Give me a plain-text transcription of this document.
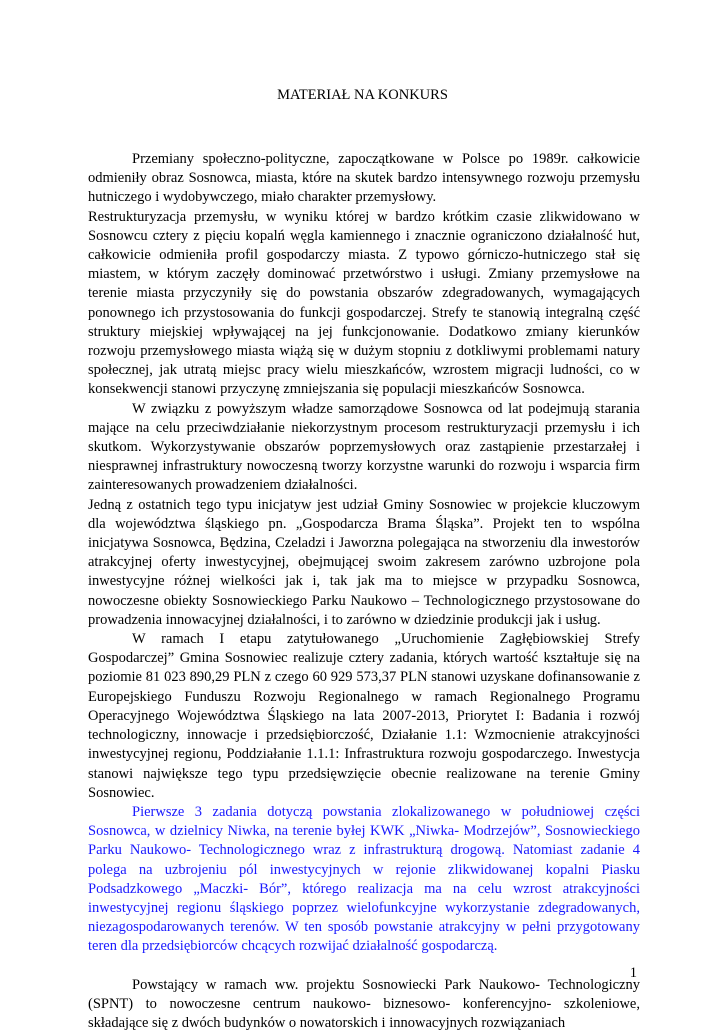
MATERIAŁ NA KONKURS

Przemiany społeczno-polityczne, zapoczątkowane w Polsce po 1989r. całkowicie odmieniły obraz Sosnowca, miasta, które na skutek bardzo intensywnego rozwoju przemysłu hutniczego i wydobywczego, miało charakter przemysłowy.

Restrukturyzacja przemysłu, w wyniku której w bardzo krótkim czasie zlikwidowano w Sosnowcu cztery z pięciu kopalń węgla kamiennego i znacznie ograniczono działalność hut, całkowicie odmieniła profil gospodarczy miasta. Z typowo górniczo-hutniczego stał się miastem, w którym zaczęły dominować przetwórstwo i usługi. Zmiany przemysłowe na terenie miasta przyczyniły się do powstania obszarów zdegradowanych, wymagających ponownego ich przystosowania do funkcji gospodarczej. Strefy te stanowią integralną część struktury miejskiej wpływającej na jej funkcjonowanie. Dodatkowo zmiany kierunków rozwoju przemysłowego miasta wiążą się w dużym stopniu z dotkliwymi problemami natury społecznej, jak utratą miejsc pracy wielu mieszkańców, wzrostem migracji ludności, co w konsekwencji stanowi przyczynę zmniejszania się populacji mieszkańców Sosnowca.

W związku z powyższym władze samorządowe Sosnowca od lat podejmują starania mające na celu przeciwdziałanie niekorzystnym procesom restrukturyzacji przemysłu i ich skutkom. Wykorzystywanie obszarów poprzemysłowych oraz zastąpienie przestarzałej i niesprawnej infrastruktury nowoczesną tworzy korzystne warunki do rozwoju i wsparcia firm zainteresowanych prowadzeniem działalności.

Jedną z ostatnich tego typu inicjatyw jest udział Gminy Sosnowiec w projekcie kluczowym dla województwa śląskiego pn. „Gospodarcza Brama Śląska”. Projekt ten to wspólna inicjatywa Sosnowca, Będzina, Czeladzi i Jaworzna polegająca na stworzeniu dla inwestorów atrakcyjnej oferty inwestycyjnej, obejmującej swoim zakresem zarówno uzbrojone pola inwestycyjne różnej wielkości jak i, tak jak ma to miejsce w przypadku Sosnowca, nowoczesne obiekty Sosnowieckiego Parku Naukowo – Technologicznego przystosowane do prowadzenia innowacyjnej działalności, i to zarówno w dziedzinie produkcji jak i usług.

W ramach I etapu zatytułowanego „Uruchomienie Zagłębiowskiej Strefy Gospodarczej” Gmina Sosnowiec realizuje cztery zadania, których wartość kształtuje się na poziomie 81 023 890,29 PLN z czego 60 929 573,37 PLN stanowi uzyskane dofinansowanie z Europejskiego Funduszu Rozwoju Regionalnego w ramach Regionalnego Programu Operacyjnego Województwa Śląskiego na lata 2007-2013, Priorytet I: Badania i rozwój technologiczny, innowacje i przedsiębiorczość, Działanie 1.1: Wzmocnienie atrakcyjności inwestycyjnej regionu, Poddziałanie 1.1.1: Infrastruktura rozwoju gospodarczego. Inwestycja stanowi największe tego typu przedsięwzięcie obecnie realizowane na terenie Gminy Sosnowiec.

Pierwsze 3 zadania dotyczą powstania zlokalizowanego w południowej części Sosnowca, w dzielnicy Niwka, na terenie byłej KWK „Niwka- Modrzejów”, Sosnowieckiego Parku Naukowo- Technologicznego wraz z infrastrukturą drogową. Natomiast zadanie 4 polega na uzbrojeniu pól inwestycyjnych w rejonie zlikwidowanej kopalni Piasku Podsadzkowego „Maczki- Bór”, którego realizacja ma na celu wzrost atrakcyjności inwestycyjnej regionu śląskiego poprzez wielofunkcyjne wykorzystanie zdegradowanych, niezagospodarowanych terenów. W ten sposób powstanie atrakcyjny w pełni przygotowany teren dla przedsiębiorców chcących rozwijać działalność gospodarczą.

Powstający w ramach ww. projektu Sosnowiecki Park Naukowo- Technologiczny (SPNT) to nowoczesne centrum naukowo- biznesowo- konferencyjno- szkoleniowe, składające się z dwóch budynków o nowatorskich i innowacyjnych rozwiązaniach

1
